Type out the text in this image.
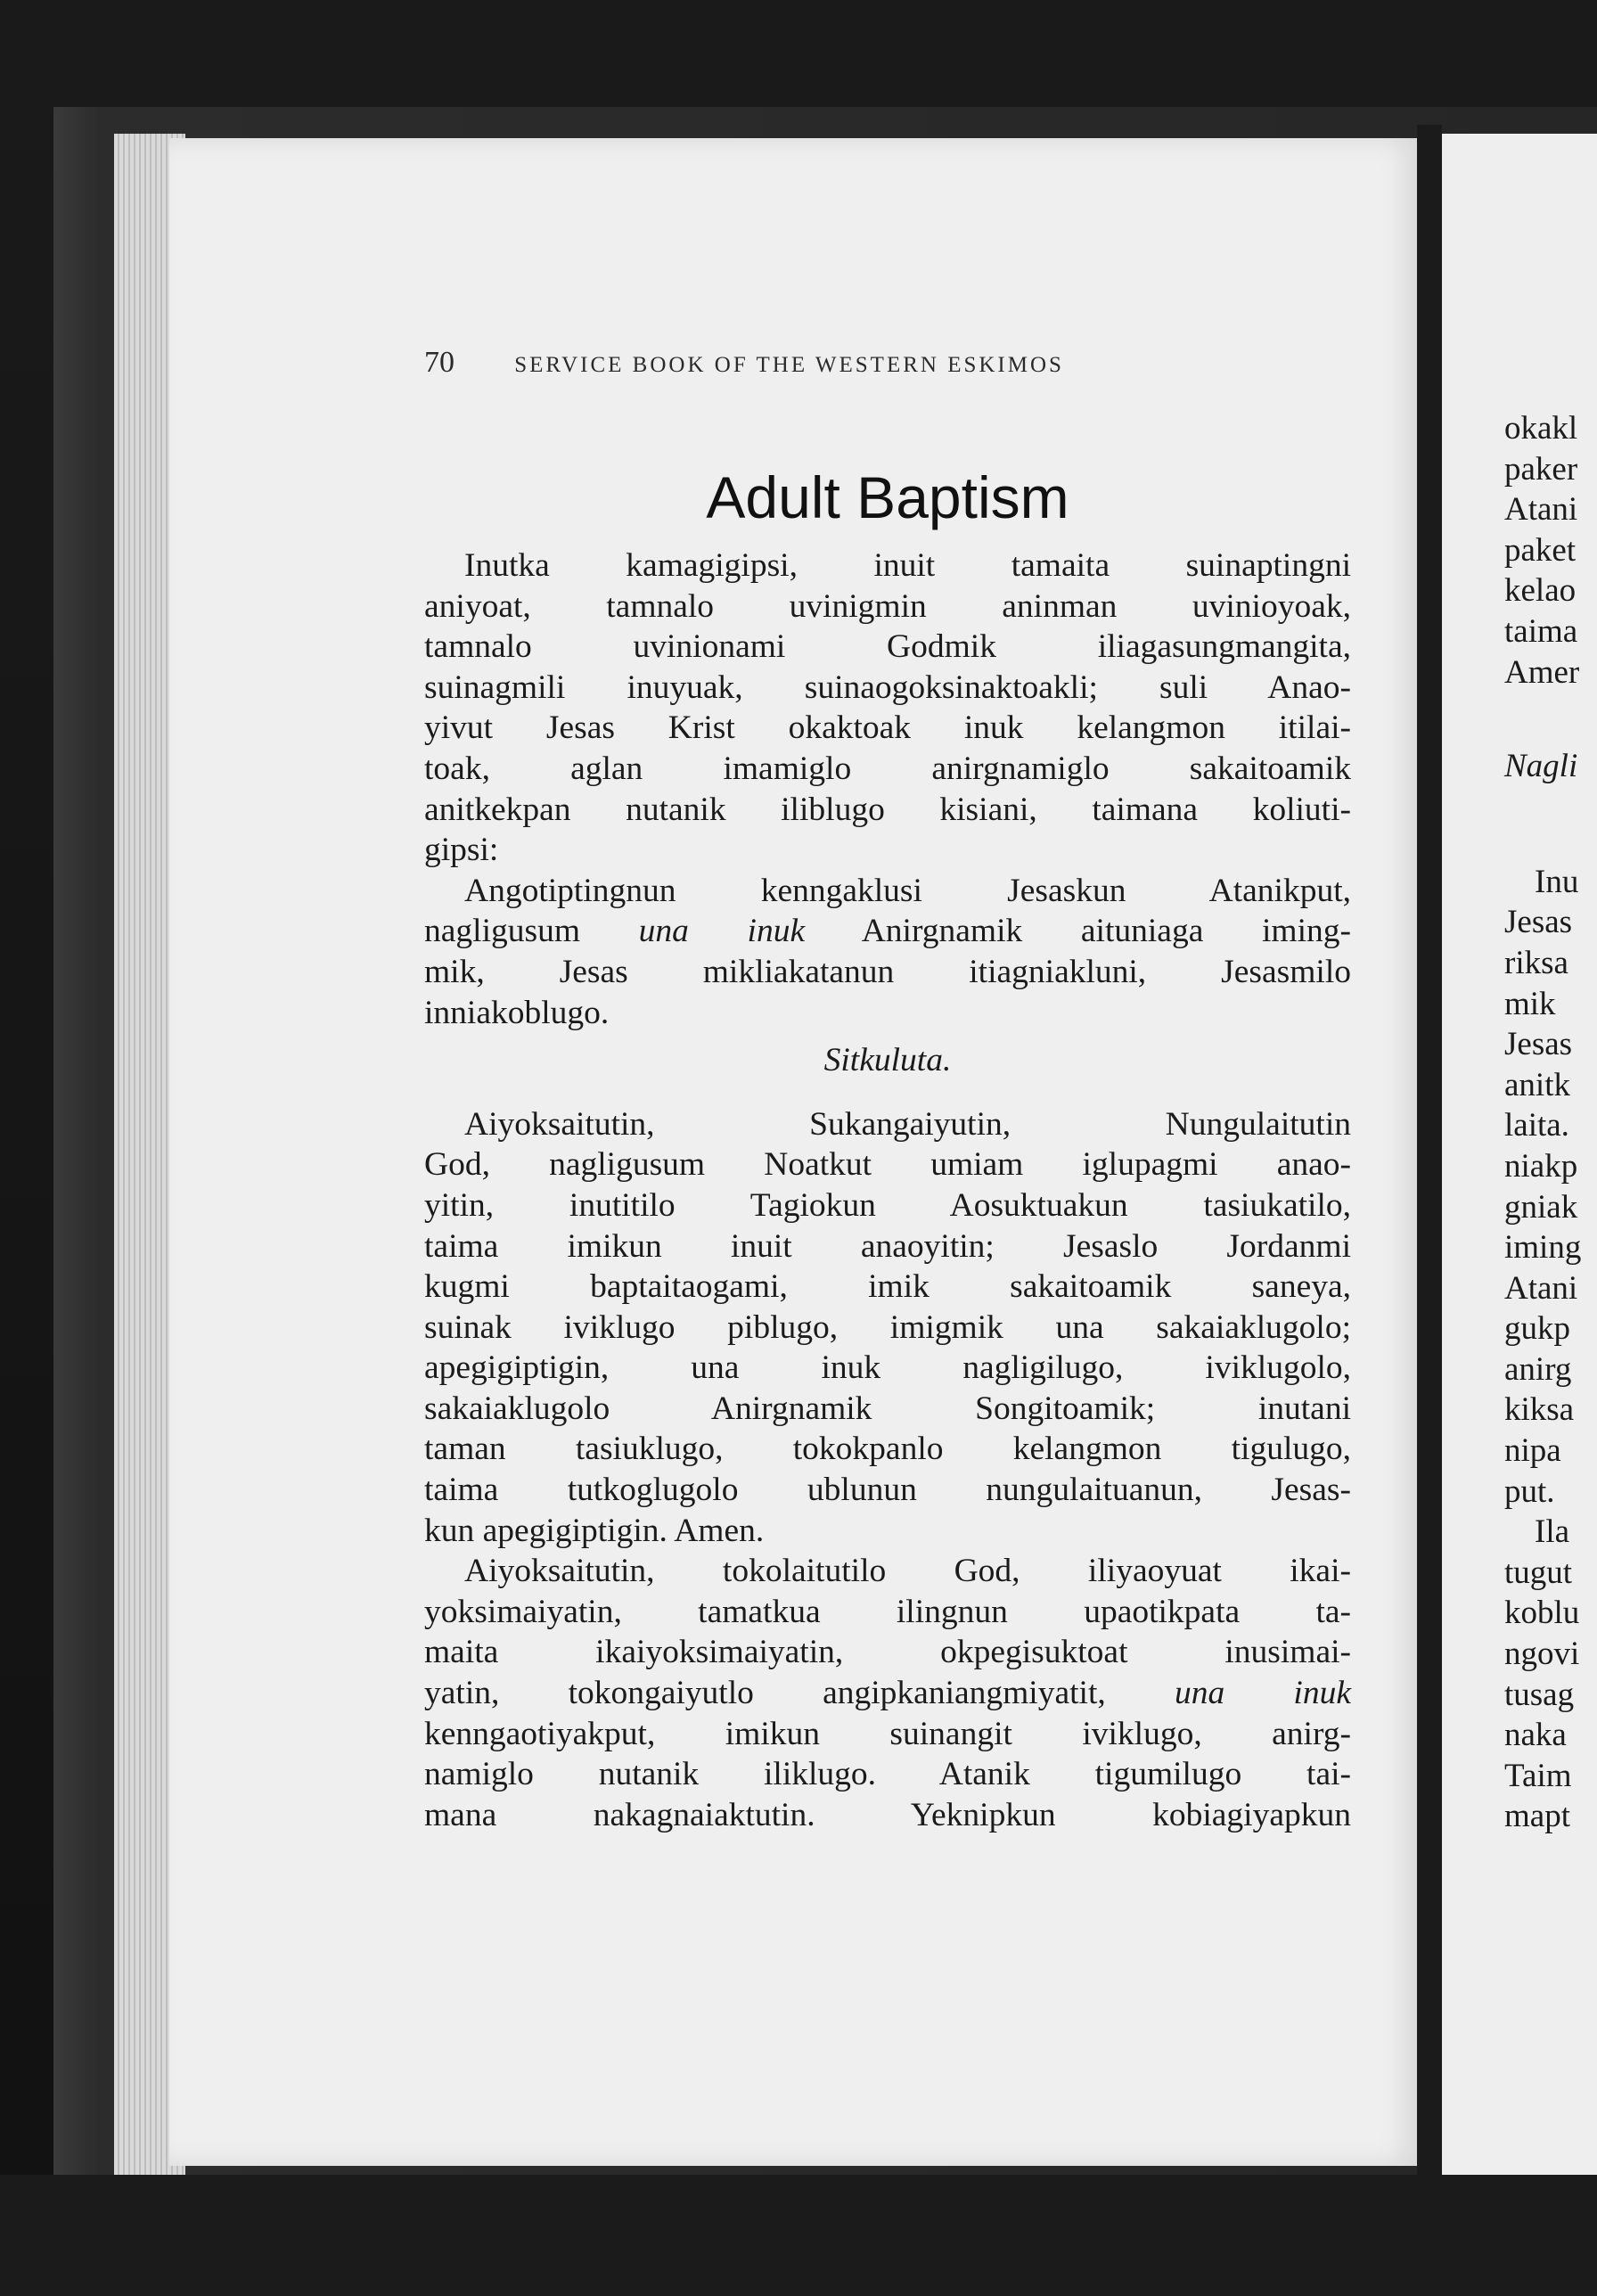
70	SERVICE BOOK OF THE WESTERN ESKIMOS
Adult Baptism

Inutka kamagigipsi, inuit tamaita suinaptingni

aniyoat, tamnalo uvinigmin aninman uvinioyoak,

tamnalo uvinionami Godmik iliagasungmangita,

suinagmili inuyuak, suinaogoksinaktoakli; suli Anao-

yivut Jesas Krist okaktoak inuk kelangmon itilai-

toak, aglan imamiglo anirgnamiglo sakaitoamik

anitkekpan nutanik iliblugo kisiani, taimana koliuti-

gipsi:

Angotiptingnun kenngaklusi Jesaskun Atanikput,

nagligusum una inuk Anirgnamik aituniaga iming-

mik, Jesas mikliakatanun itiagniakluni, Jesasmilo

inniakoblugo.

Sitkuluta.

Aiyoksaitutin, Sukangaiyutin, Nungulaitutin

God, nagligusum Noatkut umiam iglupagmi anao-

yitin, inutitilo Tagiokun Aosuktuakun tasiukatilo,

taima imikun inuit anaoyitin; Jesaslo Jordanmi

kugmi baptaitaogami, imik sakaitoamik saneya,

suinak iviklugo piblugo, imigmik una sakaiaklugolo;

apegigiptigin, una inuk nagligilugo, iviklugolo,

sakaiaklugolo Anirgnamik Songitoamik; inutani

taman tasiuklugo, tokokpanlo kelangmon tigulugo,

taima tutkoglugolo ublunun nungulaituanun, Jesas-

kun apegigiptigin. Amen.

Aiyoksaitutin, tokolaitutilo God, iliyaoyuat ikai-

yoksimaiyatin, tamatkua ilingnun upaotikpata ta-

maita ikaiyoksimaiyatin, okpegisuktoat inusimai-

yatin, tokongaiyutlo angipkaniangmiyatit, una inuk

kenngaotiyakput, imikun suinangit iviklugo, anirg-

namiglo nutanik iliklugo. Atanik tigumilugo tai-

mana nakagnaiaktutin. Yeknipkun kobiagiyapkun

okakl
paker
Atani
paket
kelao
taima
Amer
Nagli
Inu
Jesas
riksa
mik
Jesas
anitk
laita.
niakp
gniak
iming
Atani
gukp
anirg
kiksa
nipa
put.
Ila
tugut
koblu
ngovi
tusag
naka
Taim
mapt
